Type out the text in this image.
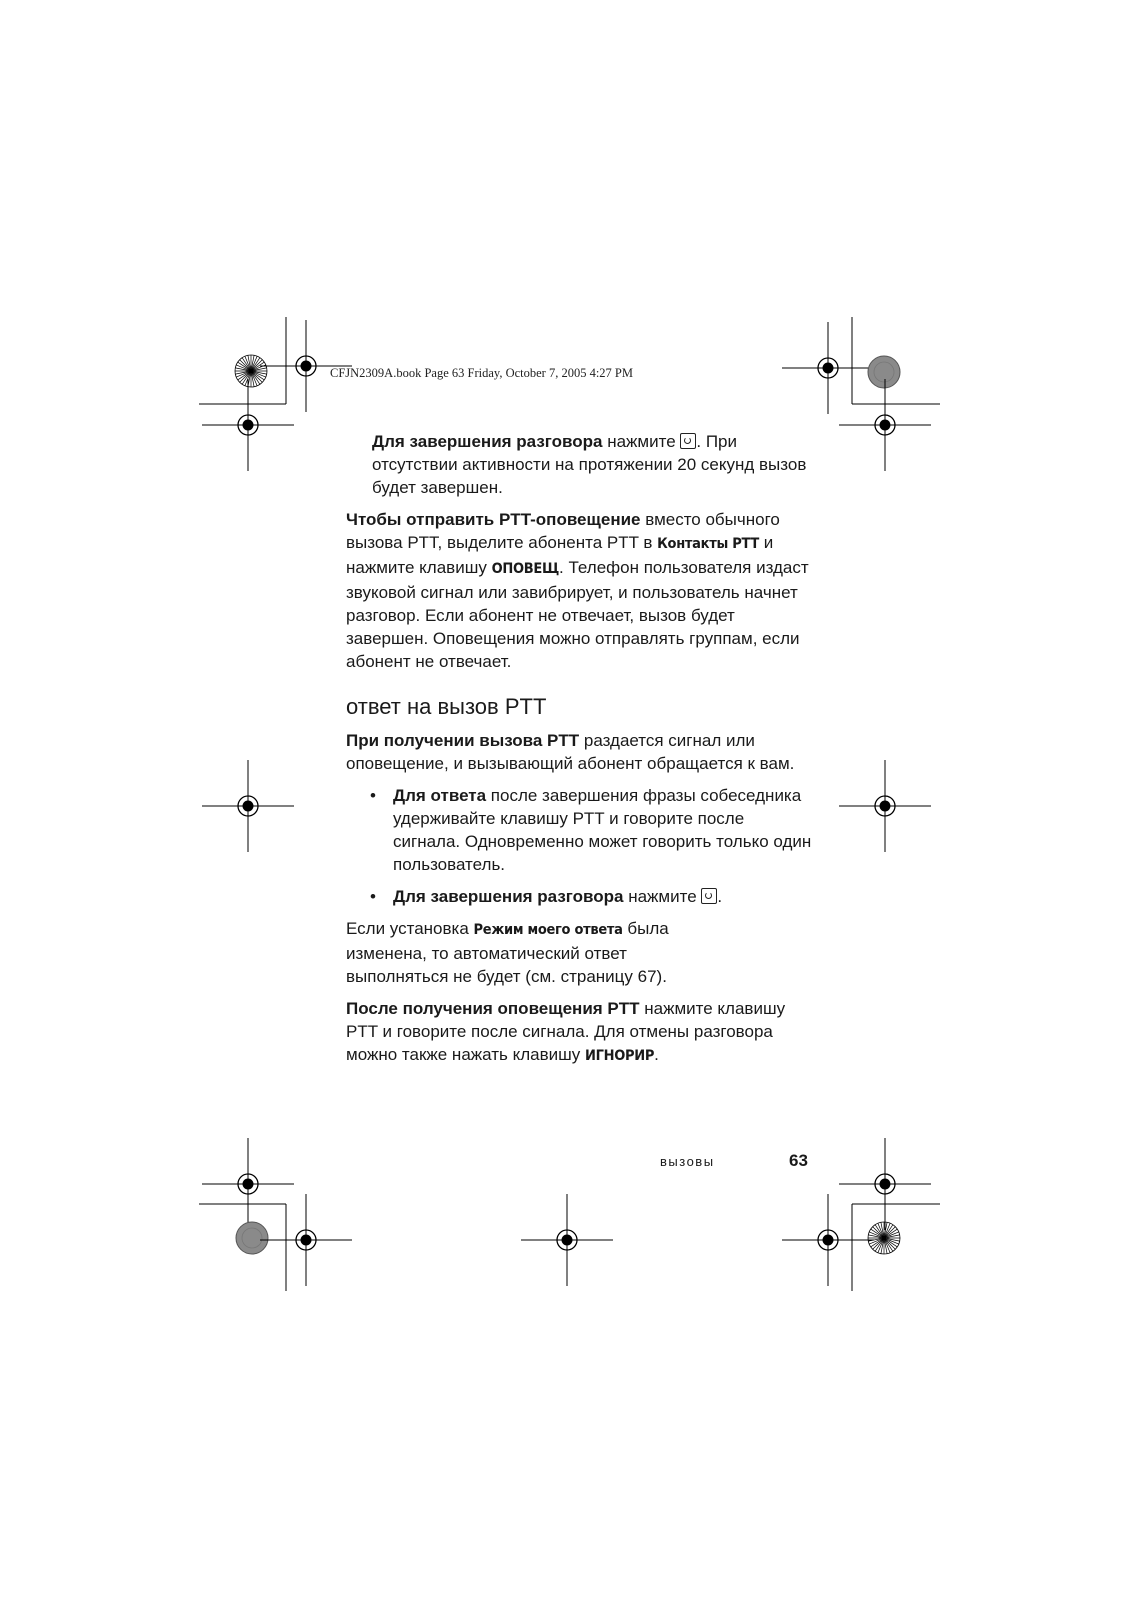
CFJN2309A.book Page 63 Friday, October 7, 2005 4:27 PM

Для завершения разговора нажмите . При отсутствии активности на протяжении 20 секунд вызов будет завершен.

Чтобы отправить PTT-оповещение вместо обычного вызова PTT, выделите абонента PTT в Контакты PTT и нажмите клавишу ОПОВЕЩ. Телефон пользователя издаст звуковой сигнал или завибрирует, и пользователь начнет разговор. Если абонент не отвечает, вызов будет завершен. Оповещения можно отправлять группам, если абонент не отвечает.

ответ на вызов PTT

При получении вызова PTT раздается сигнал или оповещение, и вызывающий абонент обращается к вам.

• Для ответа после завершения фразы собеседника удерживайте клавишу PTT и говорите после сигнала. Одновременно может говорить только один пользователь.
• Для завершения разговора нажмите .

Если установка Режим моего ответа была изменена, то автоматический ответ выполняться не будет (см. страницу 67).

После получения оповещения PTT нажмите клавишу PTT и говорите после сигнала. Для отмены разговора можно также нажать клавишу ИГНОРИР.

вызовы	63
